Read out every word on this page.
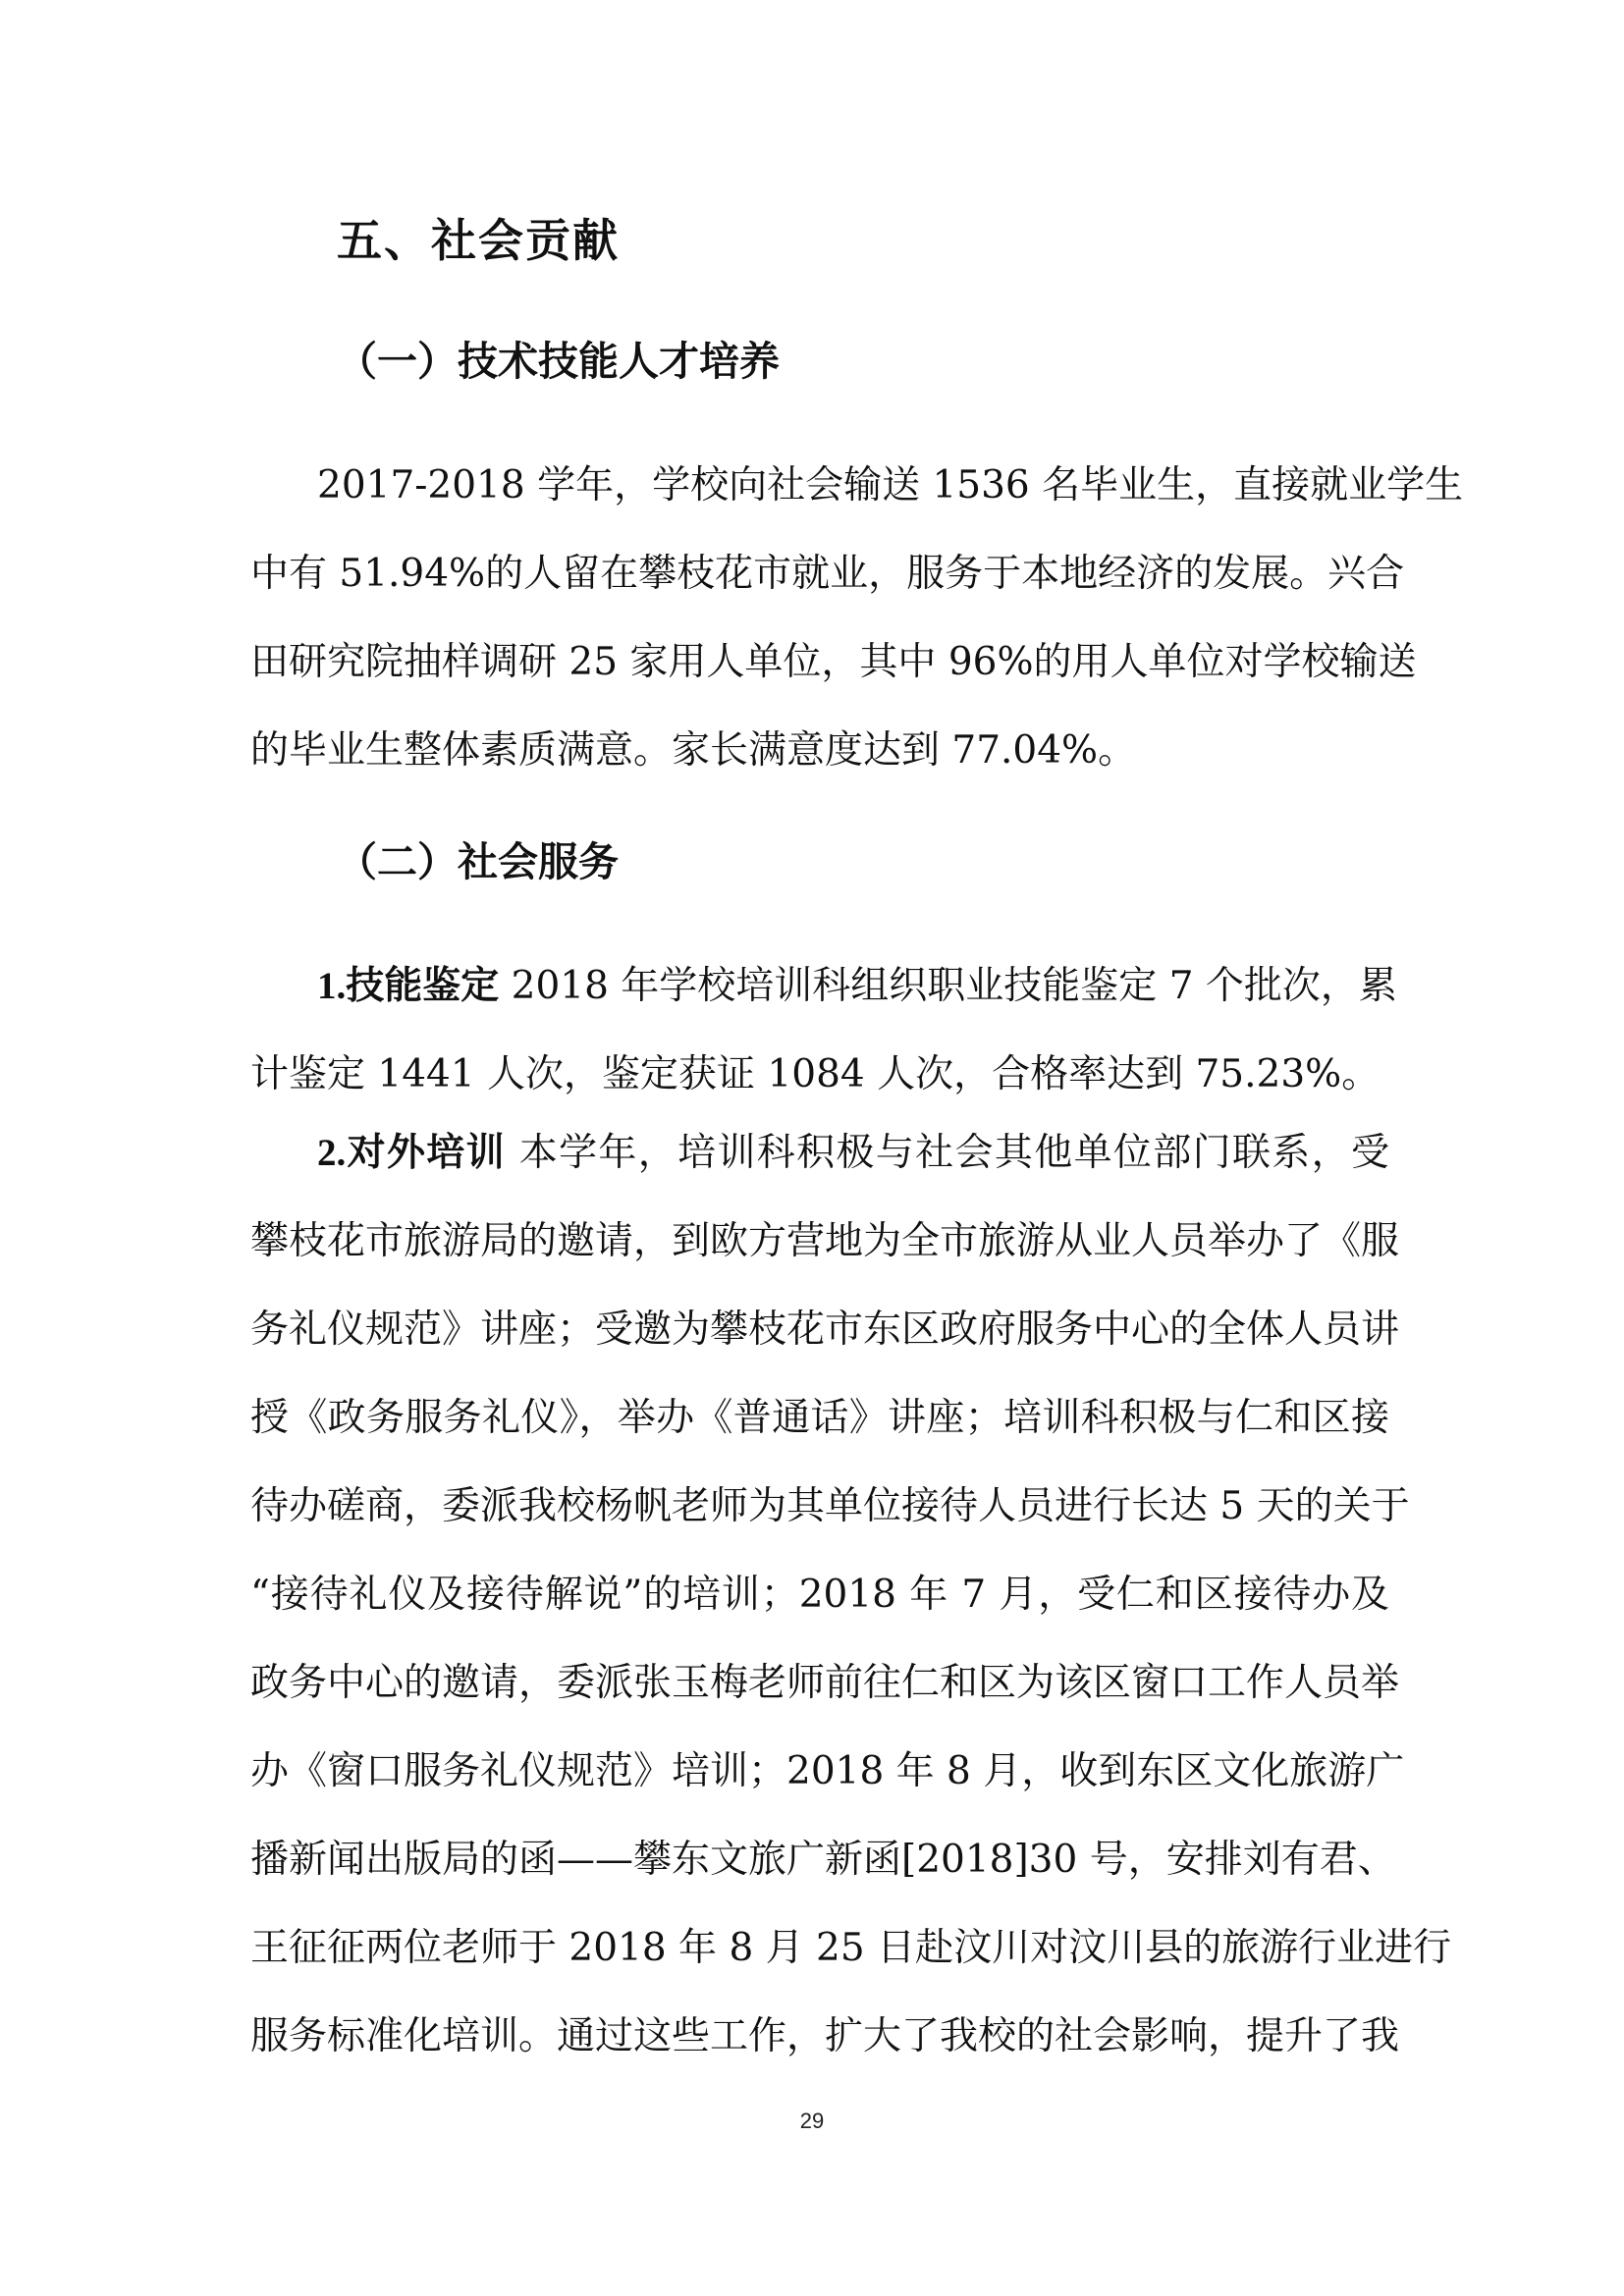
五、社会贡献
（一）技术技能人才培养
2017-2018 学年，学校向社会输送 1536 名毕业生，直接就业学生
中有 51.94%的人留在攀枝花市就业，服务于本地经济的发展。兴合
田研究院抽样调研 25 家用人单位，其中 96%的用人单位对学校输送
的毕业生整体素质满意。家长满意度达到 77.04%。
（二）社会服务
1.技能鉴定 2018 年学校培训科组织职业技能鉴定 7 个批次，累
计鉴定 1441 人次，鉴定获证 1084 人次，合格率达到 75.23%。
2.对外培训 本学年，培训科积极与社会其他单位部门联系，受
攀枝花市旅游局的邀请，到欧方营地为全市旅游从业人员举办了《服
务礼仪规范》讲座；受邀为攀枝花市东区政府服务中心的全体人员讲
授《政务服务礼仪》，举办《普通话》讲座；培训科积极与仁和区接
待办磋商，委派我校杨帆老师为其单位接待人员进行长达 5 天的关于
“接待礼仪及接待解说”的培训；2018 年 7 月，受仁和区接待办及
政务中心的邀请，委派张玉梅老师前往仁和区为该区窗口工作人员举
办《窗口服务礼仪规范》培训；2018 年 8 月，收到东区文化旅游广
播新闻出版局的函——攀东文旅广新函[2018]30 号，安排刘有君、
王征征两位老师于 2018 年 8 月 25 日赴汶川对汶川县的旅游行业进行
服务标准化培训。通过这些工作，扩大了我校的社会影响，提升了我
29
